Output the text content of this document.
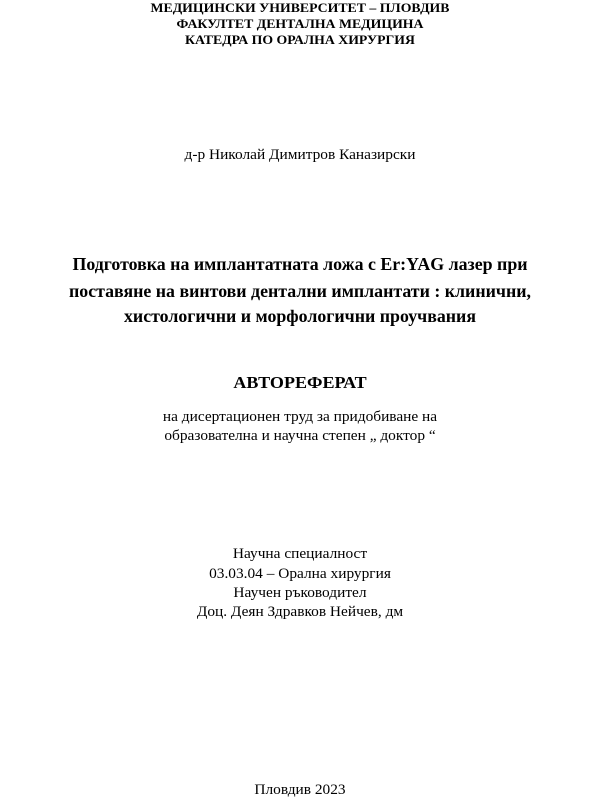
МЕДИЦИНСКИ УНИВЕРСИТЕТ – ПЛОВДИВ
ФАКУЛТЕТ ДЕНТАЛНА МЕДИЦИНА
КАТЕДРА ПО ОРАЛНА ХИРУРГИЯ
д-р Николай Димитров Каназирски
Подготовка на имплантатната ложа с Er:YAG лазер при
поставяне на винтови дентални имплантати : клинични,
хистологични и морфологични проучвания
АВТОРЕФЕРАТ
на дисертационен труд за придобиване на
образователна и научна степен „ доктор “
Научна специалност
03.03.04 – Орална хирургия
Научен ръководител
Доц. Деян Здравков Нейчев, дм
Пловдив 2023
